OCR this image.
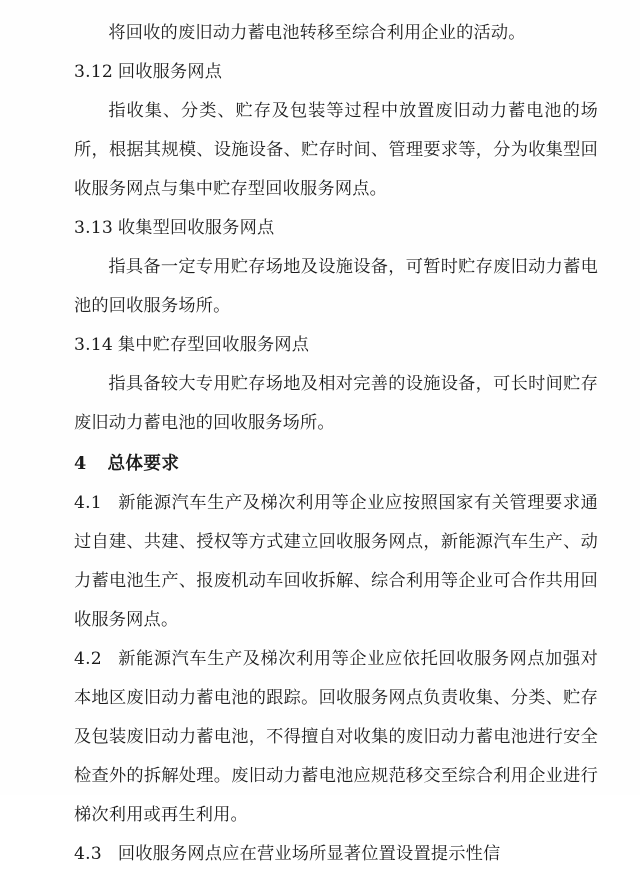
将回收的废旧动力蓄电池转移至综合利用企业的活动。

3.12 回收服务网点

指收集、分类、贮存及包装等过程中放置废旧动力蓄电池的场所，根据其规模、设施设备、贮存时间、管理要求等，分为收集型回收服务网点与集中贮存型回收服务网点。

3.13 收集型回收服务网点

指具备一定专用贮存场地及设施设备，可暂时贮存废旧动力蓄电池的回收服务场所。

3.14 集中贮存型回收服务网点

指具备较大专用贮存场地及相对完善的设施设备，可长时间贮存废旧动力蓄电池的回收服务场所。

4 总体要求

4.1 新能源汽车生产及梯次利用等企业应按照国家有关管理要求通过自建、共建、授权等方式建立回收服务网点，新能源汽车生产、动力蓄电池生产、报废机动车回收拆解、综合利用等企业可合作共用回收服务网点。

4.2 新能源汽车生产及梯次利用等企业应依托回收服务网点加强对本地区废旧动力蓄电池的跟踪。回收服务网点负责收集、分类、贮存及包装废旧动力蓄电池，不得擅自对收集的废旧动力蓄电池进行安全检查外的拆解处理。废旧动力蓄电池应规范移交至综合利用企业进行梯次利用或再生利用。

4.3 回收服务网点应在营业场所显著位置设置提示性信
